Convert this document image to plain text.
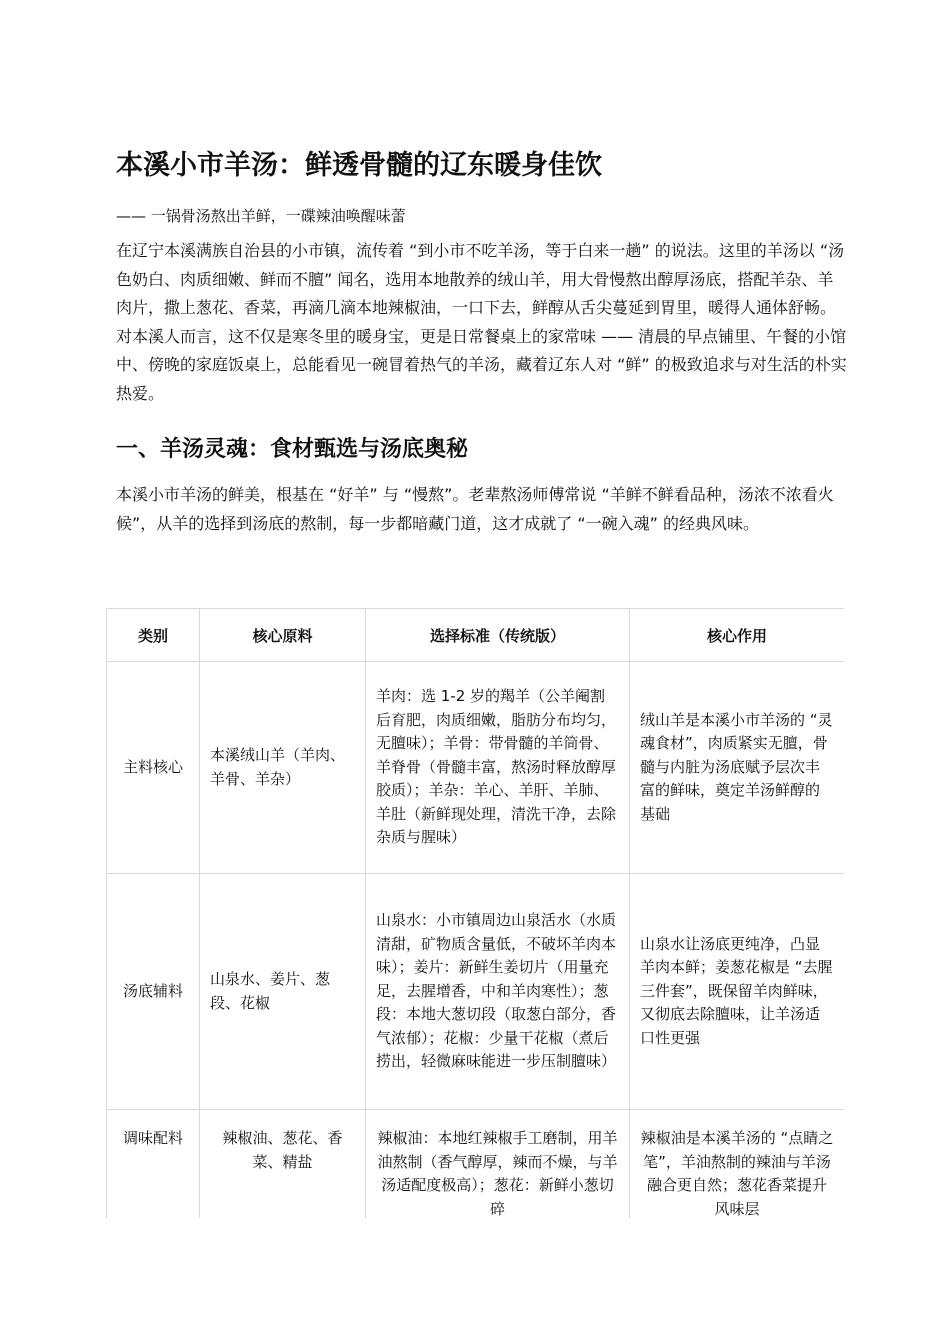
本溪小市羊汤：鲜透骨髓的辽东暖身佳饮

—— 一锅骨汤熬出羊鲜，一碟辣油唤醒味蕾

在辽宁本溪满族自治县的小市镇，流传着 “到小市不吃羊汤，等于白来一趟” 的说法。这里的羊汤以 “汤色奶白、肉质细嫩、鲜而不膻” 闻名，选用本地散养的绒山羊，用大骨慢熬出醇厚汤底，搭配羊杂、羊肉片，撒上葱花、香菜，再滴几滴本地辣椒油，一口下去，鲜醇从舌尖蔓延到胃里，暖得人通体舒畅。对本溪人而言，这不仅是寒冬里的暖身宝，更是日常餐桌上的家常味 —— 清晨的早点铺里、午餐的小馆中、傍晚的家庭饭桌上，总能看见一碗冒着热气的羊汤，藏着辽东人对 “鲜” 的极致追求与对生活的朴实热爱。

一、羊汤灵魂：食材甄选与汤底奥秘

本溪小市羊汤的鲜美，根基在 “好羊” 与 “慢熬”。老辈熬汤师傅常说 “羊鲜不鲜看品种，汤浓不浓看火候”，从羊的选择到汤底的熬制，每一步都暗藏门道，这才成就了 “一碗入魂” 的经典风味。

类别	核心原料	选择标准（传统版）	核心作用
主料核心	本溪绒山羊（羊肉、羊骨、羊杂）	羊肉：选 1-2 岁的羯羊（公羊阉割后育肥，肉质细嫩，脂肪分布均匀，无膻味）；羊骨：带骨髓的羊筒骨、羊脊骨（骨髓丰富，熬汤时释放醇厚胶质）；羊杂：羊心、羊肝、羊肺、羊肚（新鲜现处理，清洗干净，去除杂质与腥味）	绒山羊是本溪小市羊汤的 “灵魂食材”，肉质紧实无膻，骨髓与内脏为汤底赋予层次丰富的鲜味，奠定羊汤鲜醇的基础
汤底辅料	山泉水、姜片、葱段、花椒	山泉水：小市镇周边山泉活水（水质清甜，矿物质含量低，不破坏羊肉本味）；姜片：新鲜生姜切片（用量充足，去腥增香，中和羊肉寒性）；葱段：本地大葱切段（取葱白部分，香气浓郁）；花椒：少量干花椒（煮后捞出，轻微麻味能进一步压制膻味）	山泉水让汤底更纯净，凸显羊肉本鲜；姜葱花椒是 “去腥三件套”，既保留羊肉鲜味，又彻底去除膻味，让羊汤适口性更强
调味配料	辣椒油、葱花、香菜、精盐	辣椒油：本地红辣椒手工磨制，用羊油熬制（香气醇厚，辣而不燥，与羊汤适配度极高）；葱花：新鲜小葱切碎	辣椒油是本溪羊汤的 “点睛之笔”，羊油熬制的辣油与羊汤融合更自然；葱花香菜提升风味层
